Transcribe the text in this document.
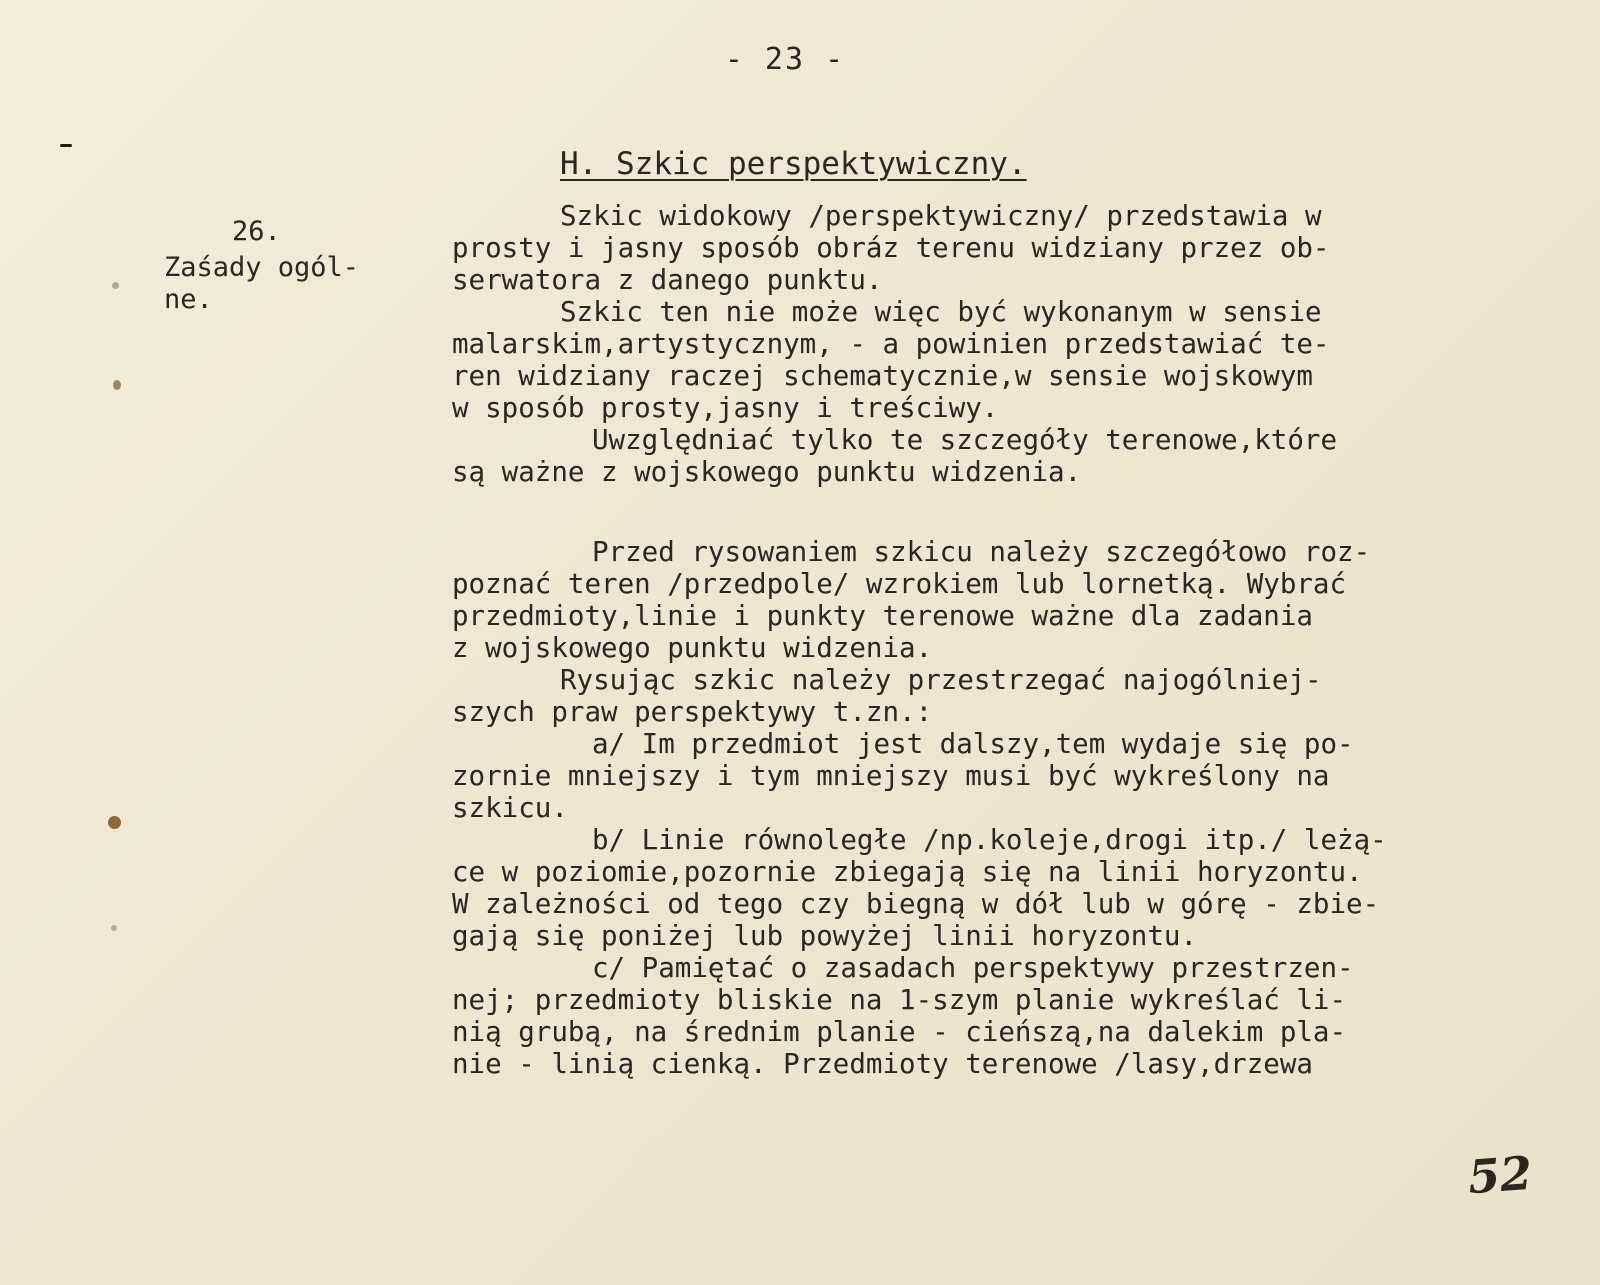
- 23 -
H. Szkic perspektywiczny.
26.
Zaśady ogól-
ne.
Szkic widokowy /perspektywiczny/ przedstawia w
prosty i jasny sposób obráz terenu widziany przez ob-
serwatora z danego punktu.
Szkic ten nie może więc być wykonanym w sensie
malarskim,artystycznym, - a powinien przedstawiać te-
ren widziany raczej schematycznie,w sensie wojskowym
w sposób prosty,jasny i treściwy.
Uwzględniać tylko te szczegóły terenowe,które
są ważne z wojskowego punktu widzenia.
Przed rysowaniem szkicu należy szczegółowo roz-
poznać teren /przedpole/ wzrokiem lub lornetką. Wybrać
przedmioty,linie i punkty terenowe ważne dla zadania
z wojskowego punktu widzenia.
Rysując szkic należy przestrzegać najogólniej-
szych praw perspektywy t.zn.:
a/ Im przedmiot jest dalszy,tem wydaje się po-
zornie mniejszy i tym mniejszy musi być wykreślony na
szkicu.
b/ Linie równoległe /np.koleje,drogi itp./ leżą-
ce w poziomie,pozornie zbiegają się na linii horyzontu.
W zależności od tego czy biegną w dół lub w górę - zbie-
gają się poniżej lub powyżej linii horyzontu.
c/ Pamiętać o zasadach perspektywy przestrzen-
nej; przedmioty bliskie na 1-szym planie wykreślać li-
nią grubą, na średnim planie - cieńszą,na dalekim pla-
nie - linią cienką. Przedmioty terenowe /lasy,drzewa
52
